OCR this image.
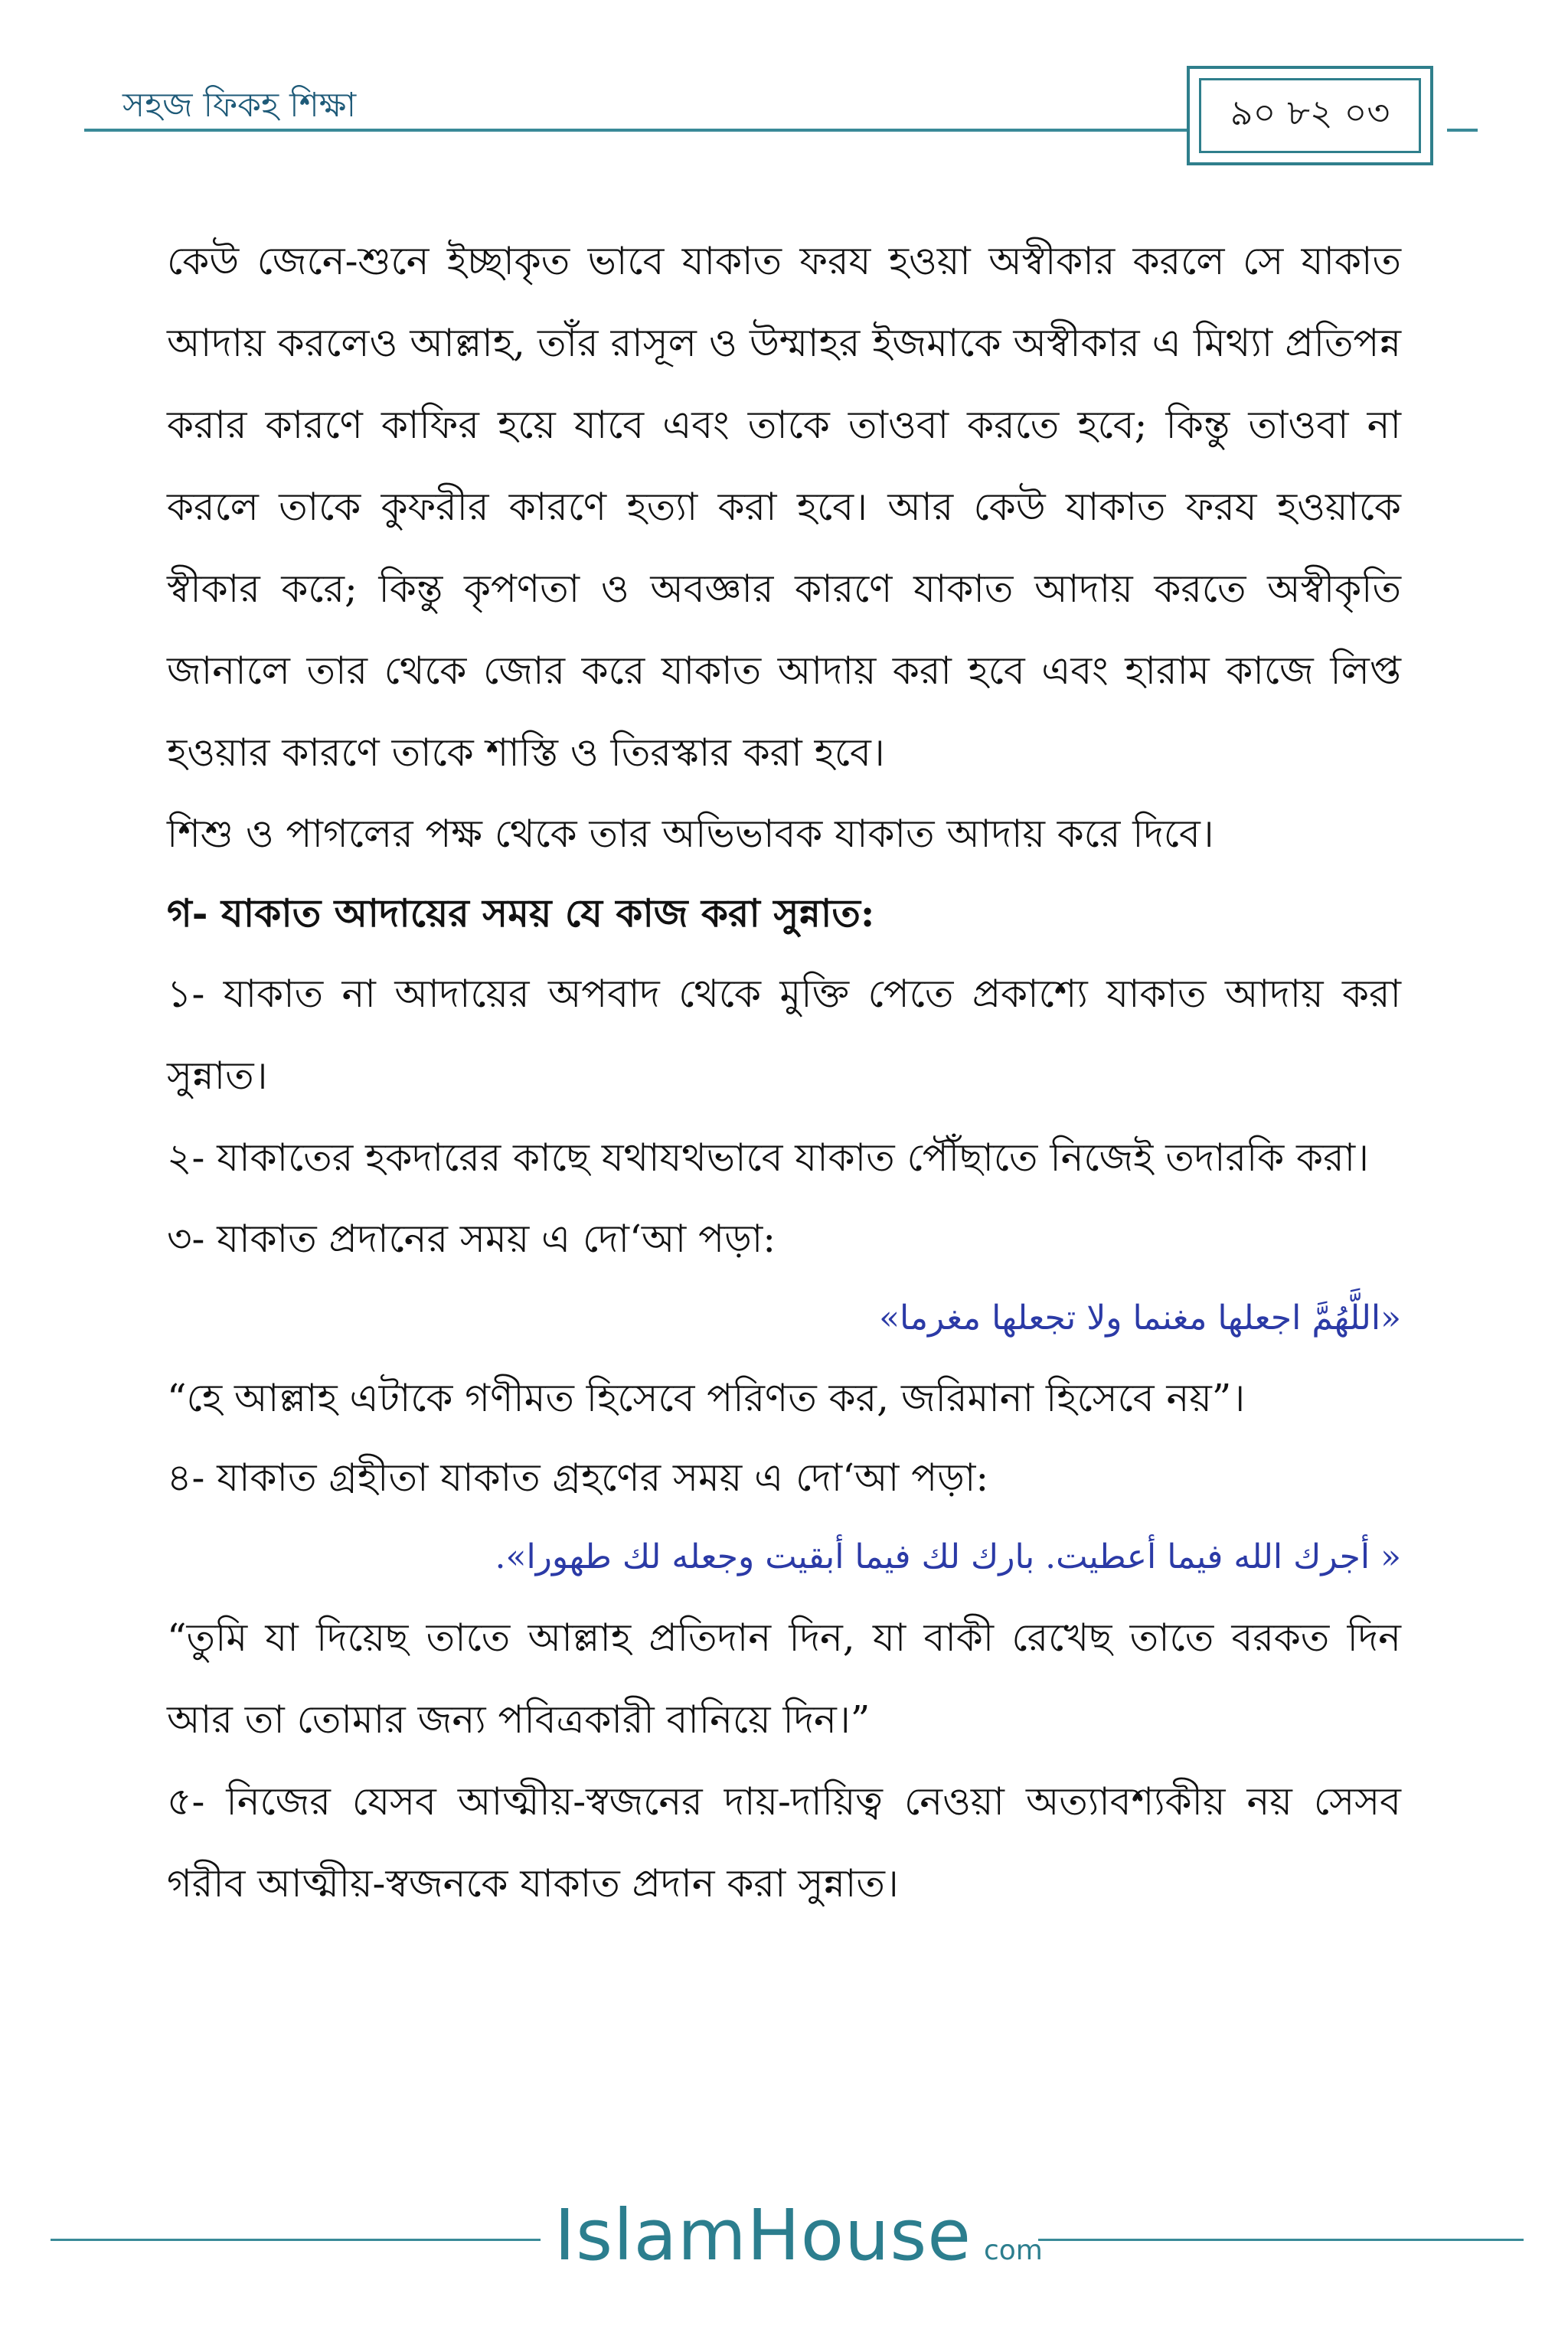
সহজ ফিকহ শিক্ষা	৯০ ৮২ ০৩

কেউ জেনে-শুনে ইচ্ছাকৃত ভাবে যাকাত ফরয হওয়া অস্বীকার করলে সে যাকাত আদায় করলেও আল্লাহ, তাঁর রাসূল ও উম্মাহর ইজমাকে অস্বীকার এ মিথ্যা প্রতিপন্ন করার কারণে কাফির হয়ে যাবে এবং তাকে তাওবা করতে হবে; কিন্তু তাওবা না করলে তাকে কুফরীর কারণে হত্যা করা হবে। আর কেউ যাকাত ফরয হওয়াকে স্বীকার করে; কিন্তু কৃপণতা ও অবজ্ঞার কারণে যাকাত আদায় করতে অস্বীকৃতি জানালে তার থেকে জোর করে যাকাত আদায় করা হবে এবং হারাম কাজে লিপ্ত হওয়ার কারণে তাকে শাস্তি ও তিরস্কার করা হবে।

শিশু ও পাগলের পক্ষ থেকে তার অভিভাবক যাকাত আদায় করে দিবে।

গ- যাকাত আদায়ের সময় যে কাজ করা সুন্নাত:

১- যাকাত না আদায়ের অপবাদ থেকে মুক্তি পেতে প্রকাশ্যে যাকাত আদায় করা সুন্নাত।

২- যাকাতের হকদারের কাছে যথাযথভাবে যাকাত পৌঁছাতে নিজেই তদারকি করা।

৩- যাকাত প্রদানের সময় এ দো‘আ পড়া:

«اللَّهُمَّ اجعلها مغنما ولا تجعلها مغرما»

“হে আল্লাহ এটাকে গণীমত হিসেবে পরিণত কর, জরিমানা হিসেবে নয়”।

৪- যাকাত গ্রহীতা যাকাত গ্রহণের সময় এ দো‘আ পড়া:

« أجرك الله فيما أعطيت. بارك لك فيما أبقيت وجعله لك طهورا».

“তুমি যা দিয়েছ তাতে আল্লাহ প্রতিদান দিন, যা বাকী রেখেছ তাতে বরকত দিন আর তা তোমার জন্য পবিত্রকারী বানিয়ে দিন।”

৫- নিজের যেসব আত্মীয়-স্বজনের দায়-দায়িত্ব নেওয়া অত্যাবশ্যকীয় নয় সেসব গরীব আত্মীয়-স্বজনকে যাকাত প্রদান করা সুন্নাত।

IslamHouse com
